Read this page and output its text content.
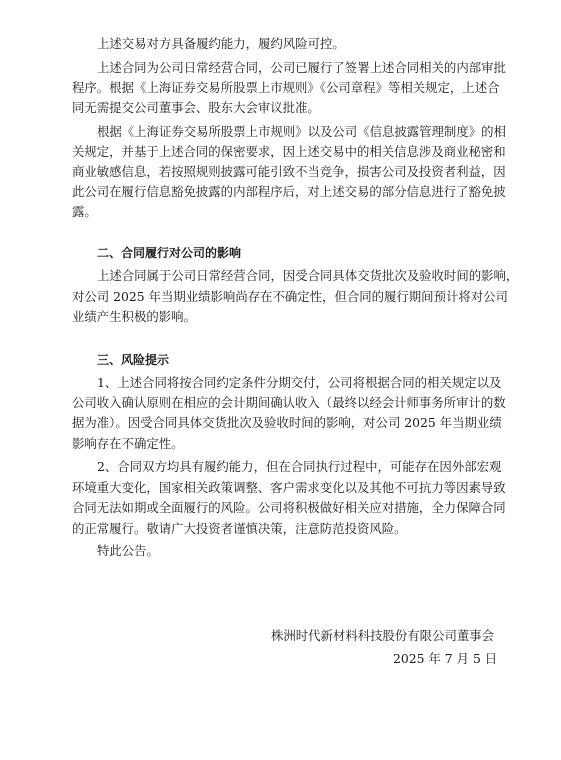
上述交易对方具备履约能力，履约风险可控。
上述合同为公司日常经营合同，公司已履行了签署上述合同相关的内部审批
程序。根据《上海证券交易所股票上市规则》《公司章程》等相关规定，上述合
同无需提交公司董事会、股东大会审议批准。
根据《上海证券交易所股票上市规则》以及公司《信息披露管理制度》的相
关规定，并基于上述合同的保密要求，因上述交易中的相关信息涉及商业秘密和
商业敏感信息，若按照规则披露可能引致不当竞争，损害公司及投资者利益，因
此公司在履行信息豁免披露的内部程序后，对上述交易的部分信息进行了豁免披
露。
二、合同履行对公司的影响
上述合同属于公司日常经营合同，因受合同具体交货批次及验收时间的影响，
对公司 2025 年当期业绩影响尚存在不确定性，但合同的履行期间预计将对公司
业绩产生积极的影响。
三、风险提示
1、上述合同将按合同约定条件分期交付，公司将根据合同的相关规定以及
公司收入确认原则在相应的会计期间确认收入（最终以经会计师事务所审计的数
据为准）。因受合同具体交货批次及验收时间的影响，对公司 2025 年当期业绩
影响存在不确定性。
2、合同双方均具有履约能力，但在合同执行过程中，可能存在因外部宏观
环境重大变化，国家相关政策调整、客户需求变化以及其他不可抗力等因素导致
合同无法如期或全面履行的风险。公司将积极做好相关应对措施，全力保障合同
的正常履行。敬请广大投资者谨慎决策，注意防范投资风险。
特此公告。
株洲时代新材料科技股份有限公司董事会
2025 年 7 月 5 日
